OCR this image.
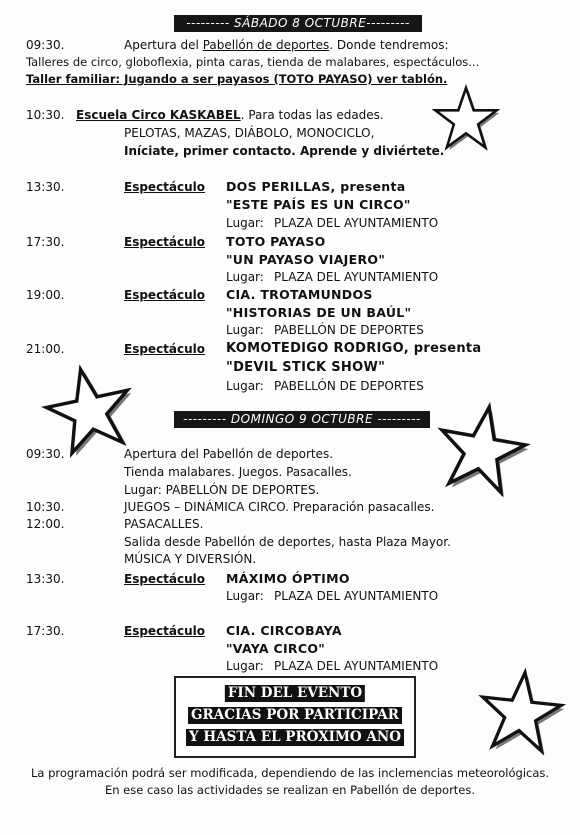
--------- SÁBADO 8 OCTUBRE---------
09:30.	Apertura del Pabellón de deportes. Donde tendremos:
Talleres de circo, globoflexia, pinta caras, tienda de malabares, espectáculos...
Taller familiar: Jugando a ser payasos (TOTO PAYASO) ver tablón.
10:30. Escuela Circo KASKABEL. Para todas las edades.
PELOTAS, MAZAS, DIÁBOLO, MONOCICLO,
Iníciate, primer contacto. Aprende y diviértete.
13:30.	Espectáculo DOS PERILLAS, presenta
"ESTE PAÍS ES UN CIRCO"
Lugar: PLAZA DEL AYUNTAMIENTO
17:30.	Espectáculo TOTO PAYASO
"UN PAYASO VIAJERO"
Lugar: PLAZA DEL AYUNTAMIENTO
19:00.	Espectáculo CIA. TROTAMUNDOS
"HISTORIAS DE UN BAÚL"
Lugar: PABELLÓN DE DEPORTES
21:00.	Espectáculo KOMOTEDIGO RODRIGO, presenta
"DEVIL STICK SHOW"
Lugar: PABELLÓN DE DEPORTES
--------- DOMINGO 9 OCTUBRE ---------
09:30.	Apertura del Pabellón de deportes.
Tienda malabares. Juegos. Pasacalles.
Lugar: PABELLÓN DE DEPORTES.
10:30.	JUEGOS – DINÁMICA CIRCO. Preparación pasacalles.
12:00.	PASACALLES.
Salida desde Pabellón de deportes, hasta Plaza Mayor.
MÚSICA Y DIVERSIÓN.
13:30.	Espectáculo MÁXIMO ÓPTIMO
Lugar: PLAZA DEL AYUNTAMIENTO
17:30.	Espectáculo CIA. CIRCOBAYA
"VAYA CIRCO"
Lugar: PLAZA DEL AYUNTAMIENTO
FIN DEL EVENTO
GRACIAS POR PARTICIPAR
Y HASTA EL PRÓXIMO AÑO
La programación podrá ser modificada, dependiendo de las inclemencias meteorológicas.
En ese caso las actividades se realizan en Pabellón de deportes.
